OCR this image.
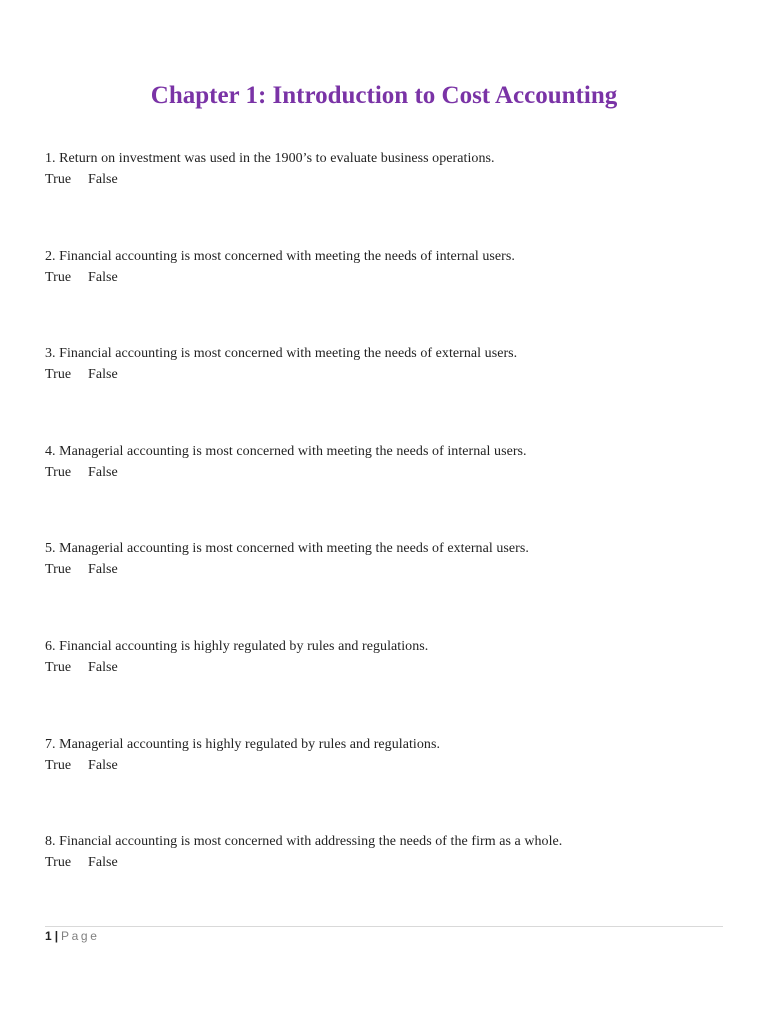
Chapter 1: Introduction to Cost Accounting
1. Return on investment was used in the 1900’s to evaluate business operations.
True False
2. Financial accounting is most concerned with meeting the needs of internal users.
True False
3. Financial accounting is most concerned with meeting the needs of external users.
True False
4. Managerial accounting is most concerned with meeting the needs of internal users.
True False
5. Managerial accounting is most concerned with meeting the needs of external users.
True False
6. Financial accounting is highly regulated by rules and regulations.
True False
7. Managerial accounting is highly regulated by rules and regulations.
True False
8. Financial accounting is most concerned with addressing the needs of the firm as a whole.
True False
1 | Page
